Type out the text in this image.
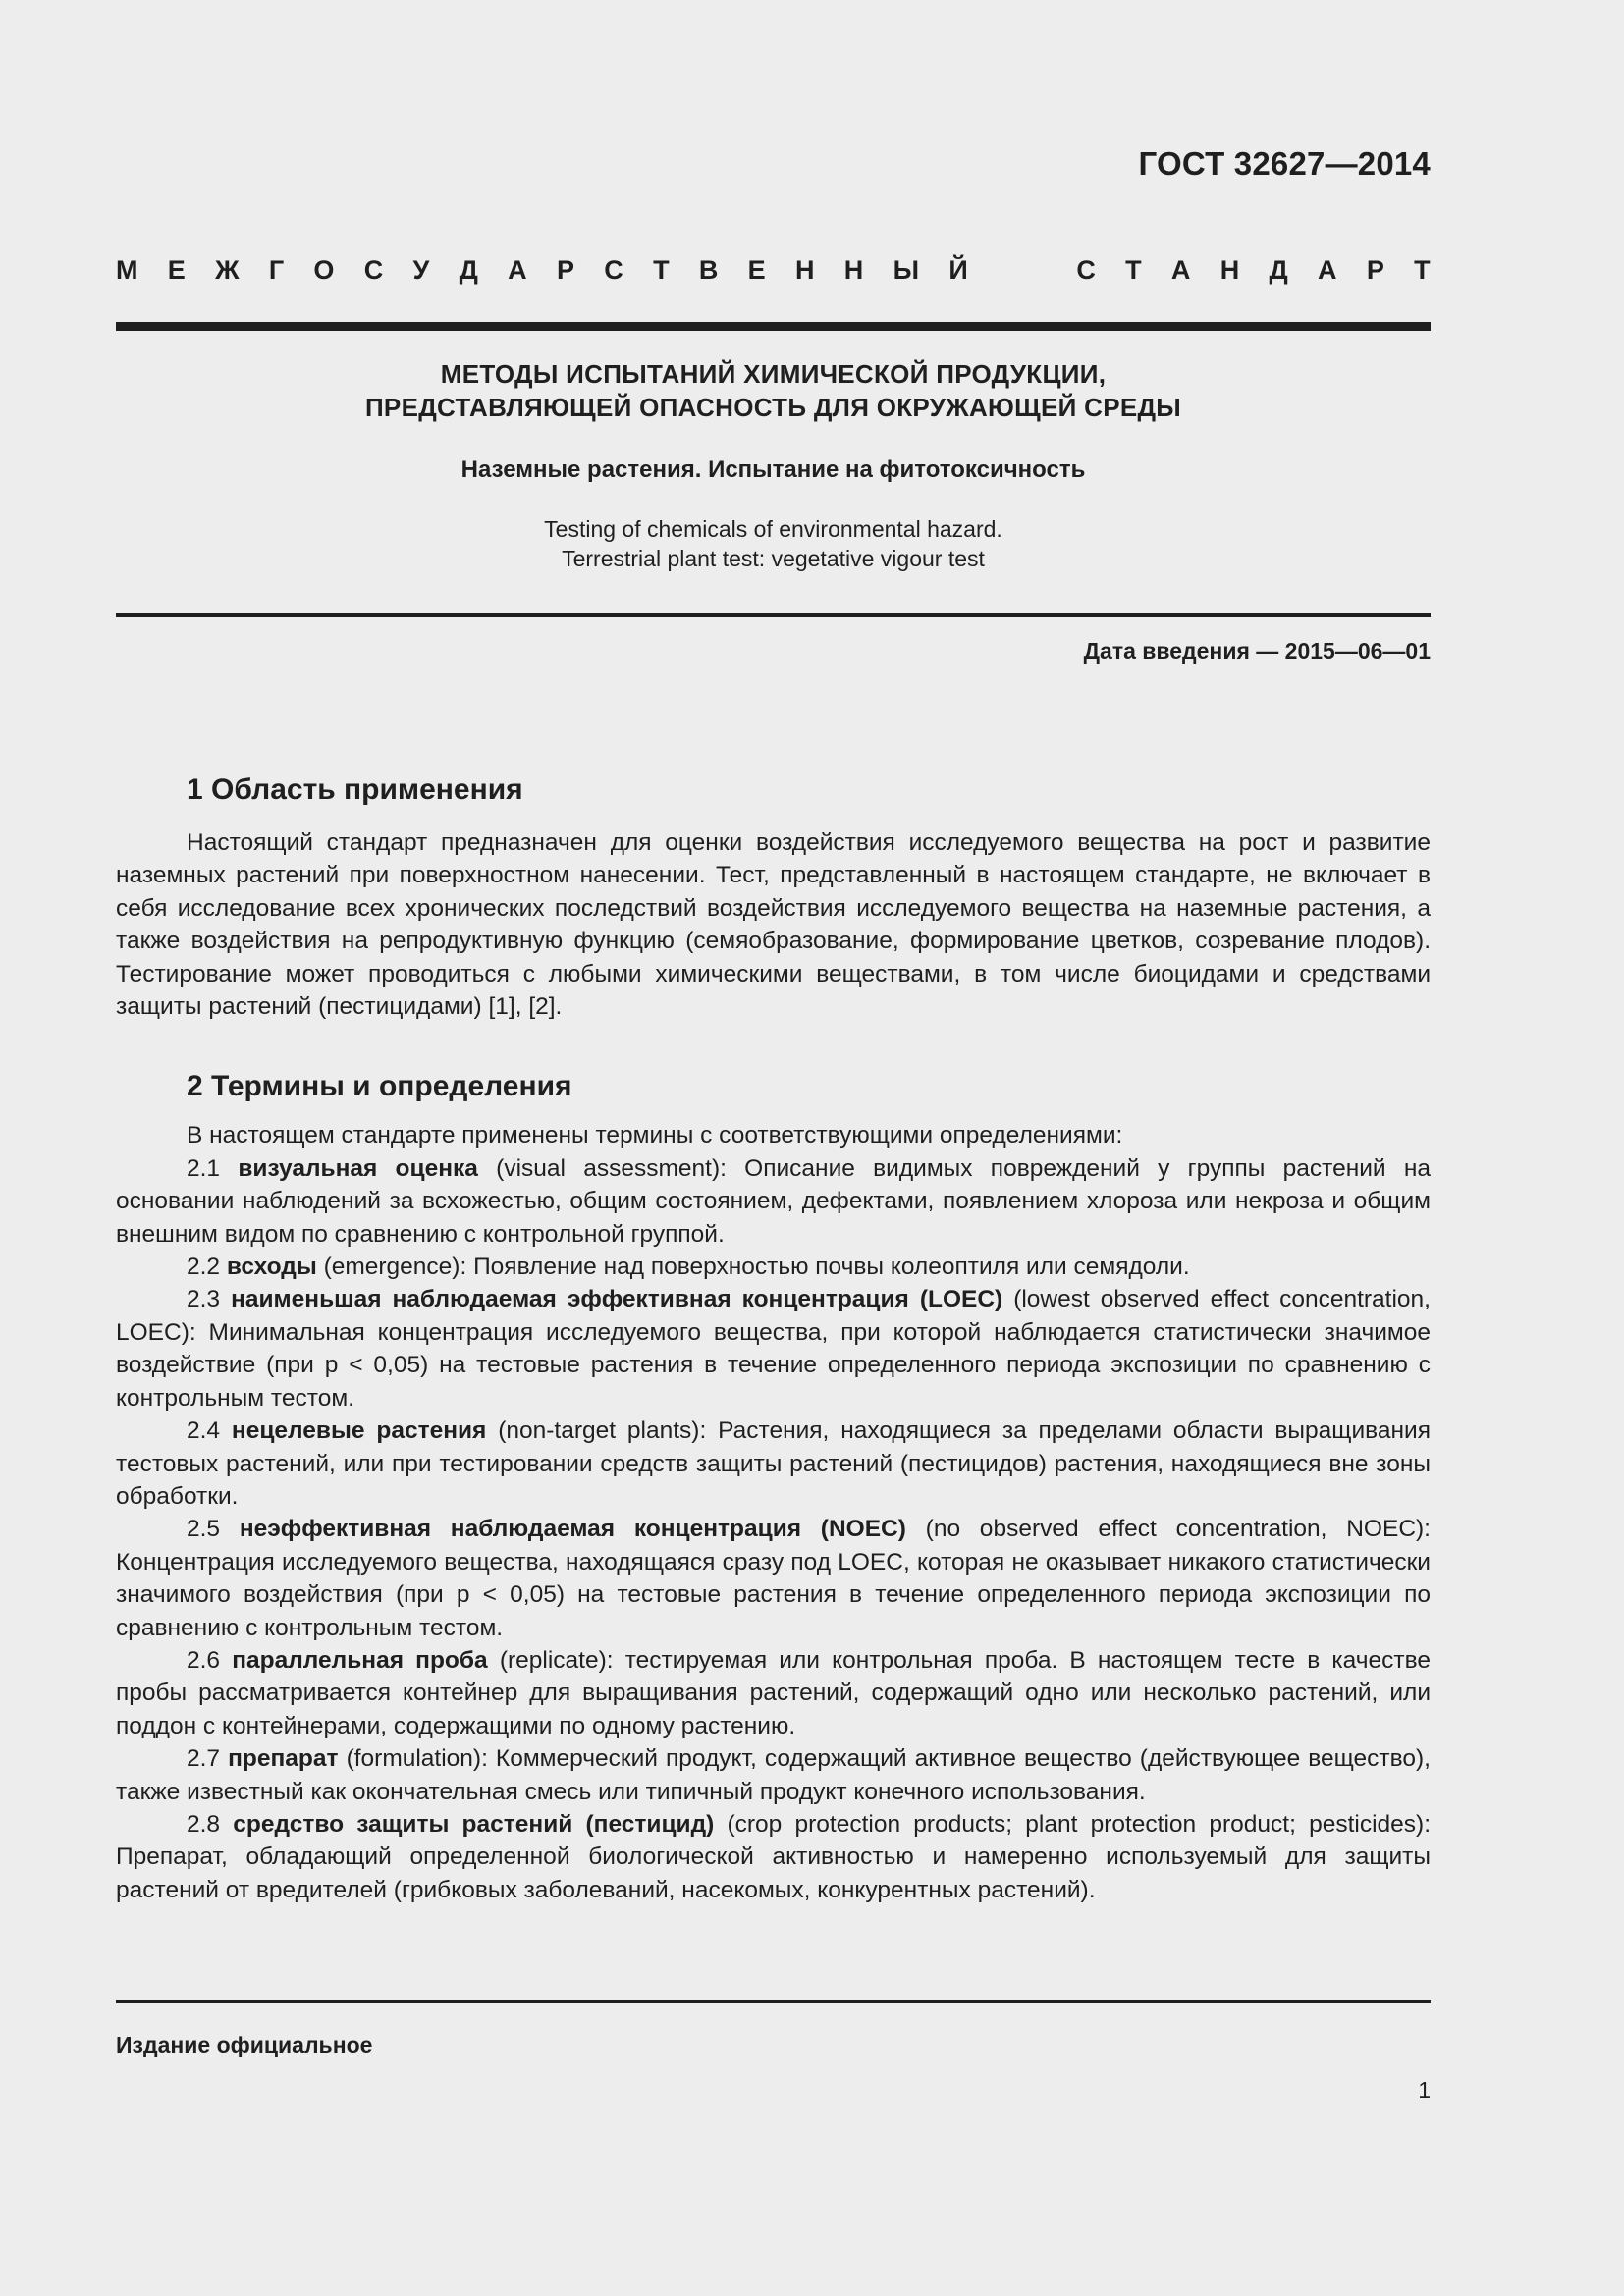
ГОСТ 32627—2014
М Е Ж Г О С У Д А Р С Т В Е Н Н Ы Й	С Т А Н Д А Р Т
МЕТОДЫ ИСПЫТАНИЙ ХИМИЧЕСКОЙ ПРОДУКЦИИ,
ПРЕДСТАВЛЯЮЩЕЙ ОПАСНОСТЬ ДЛЯ ОКРУЖАЮЩЕЙ СРЕДЫ
Наземные растения. Испытание на фитотоксичность
Testing of chemicals of environmental hazard.
Terrestrial plant test: vegetative vigour test
Дата введения — 2015—06—01
1 Область применения

Настоящий стандарт предназначен для оценки воздействия исследуемого вещества на рост и развитие наземных растений при поверхностном нанесении. Тест, представленный в настоящем стандарте, не включает в себя исследование всех хронических последствий воздействия исследуемого вещества на наземные растения, а также воздействия на репродуктивную функцию (семяобразование, формирование цветков, созревание плодов). Тестирование может проводиться с любыми химическими веществами, в том числе биоцидами и средствами защиты растений (пестицидами) [1], [2].

2 Термины и определения

В настоящем стандарте применены термины с соответствующими определениями:

2.1 визуальная оценка (visual assessment): Описание видимых повреждений у группы растений на основании наблюдений за всхожестью, общим состоянием, дефектами, появлением хлороза или некроза и общим внешним видом по сравнению с контрольной группой.

2.2 всходы (emergence): Появление над поверхностью почвы колеоптиля или семядоли.

2.3 наименьшая наблюдаемая эффективная концентрация (LOEC) (lowest observed effect concentration, LOEC): Минимальная концентрация исследуемого вещества, при которой наблюдается статистически значимое воздействие (при р < 0,05) на тестовые растения в течение определенного периода экспозиции по сравнению с контрольным тестом.

2.4 нецелевые растения (non-target plants): Растения, находящиеся за пределами области выращивания тестовых растений, или при тестировании средств защиты растений (пестицидов) растения, находящиеся вне зоны обработки.

2.5 неэффективная наблюдаемая концентрация (NOEC) (no observed effect concentration, NOEC): Концентрация исследуемого вещества, находящаяся сразу под LOEC, которая не оказывает никакого статистически значимого воздействия (при р < 0,05) на тестовые растения в течение определенного периода экспозиции по сравнению с контрольным тестом.

2.6 параллельная проба (replicate): тестируемая или контрольная проба. В настоящем тесте в качестве пробы рассматривается контейнер для выращивания растений, содержащий одно или несколько растений, или поддон с контейнерами, содержащими по одному растению.

2.7 препарат (formulation): Коммерческий продукт, содержащий активное вещество (действующее вещество), также известный как окончательная смесь или типичный продукт конечного использования.

2.8 средство защиты растений (пестицид) (crop protection products; plant protection product; pesticides): Препарат, обладающий определенной биологической активностью и намеренно используемый для защиты растений от вредителей (грибковых заболеваний, насекомых, конкурентных растений).

Издание официальное
1
